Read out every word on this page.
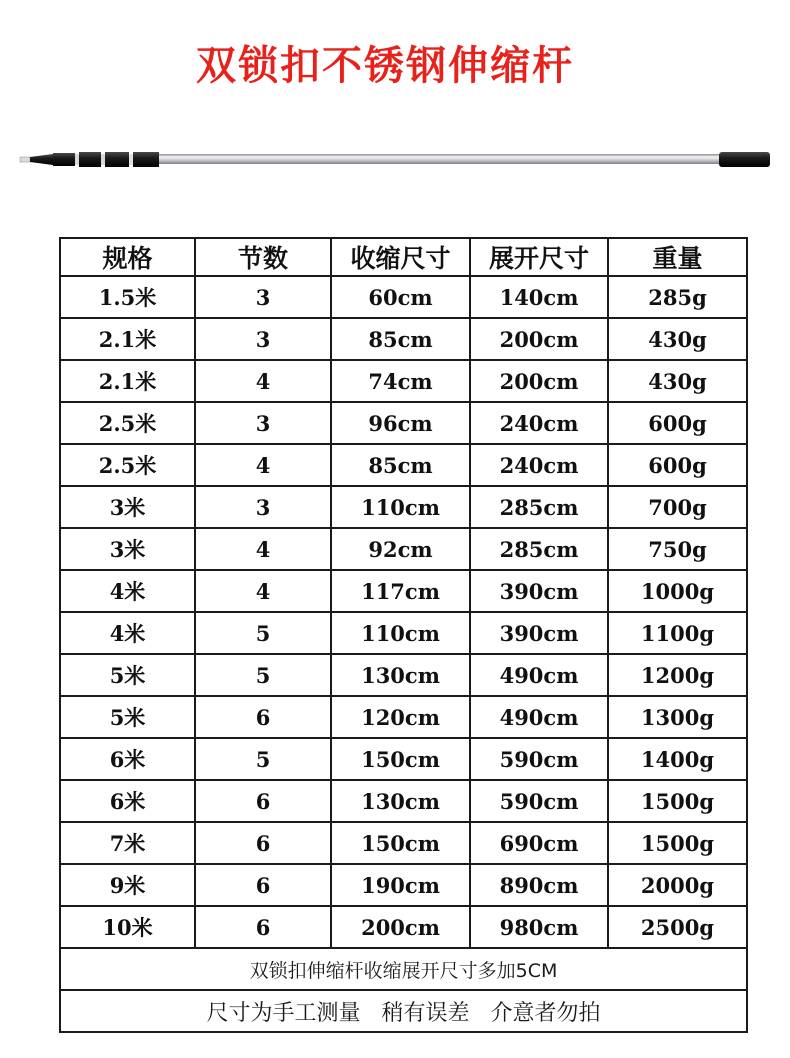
双锁扣不锈钢伸缩杆
规格	节数	收缩尺寸	展开尺寸	重量
1.5米	3	60cm	140cm	285g
2.1米	3	85cm	200cm	430g
2.1米	4	74cm	200cm	430g
2.5米	3	96cm	240cm	600g
2.5米	4	85cm	240cm	600g
3米	3	110cm	285cm	700g
3米	4	92cm	285cm	750g
4米	4	117cm	390cm	1000g
4米	5	110cm	390cm	1100g
5米	5	130cm	490cm	1200g
5米	6	120cm	490cm	1300g
6米	5	150cm	590cm	1400g
6米	6	130cm	590cm	1500g
7米	6	150cm	690cm	1500g
9米	6	190cm	890cm	2000g
10米	6	200cm	980cm	2500g
双锁扣伸缩杆收缩展开尺寸多加5CM				
尺寸为手工测量   稍有误差   介意者勿拍				
